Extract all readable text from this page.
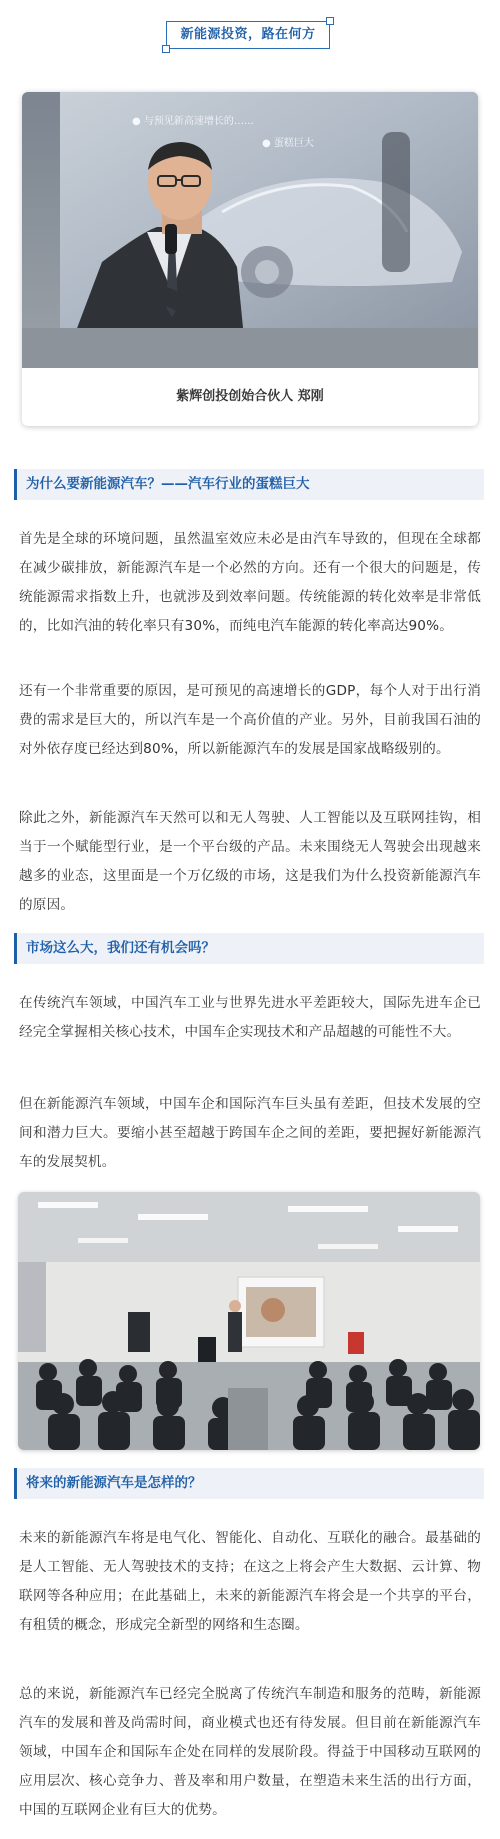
新能源投资，路在何方
● 与预见新高速增长的……
● 蛋糕巨大
紫辉创投创始合伙人 郑刚
为什么要新能源汽车？——汽车行业的蛋糕巨大

首先是全球的环境问题，虽然温室效应未必是由汽车导致的，但现在全球都在减少碳排放，新能源汽车是一个必然的方向。还有一个很大的问题是，传统能源需求指数上升，也就涉及到效率问题。传统能源的转化效率是非常低的，比如汽油的转化率只有30%，而纯电汽车能源的转化率高达90%。

还有一个非常重要的原因，是可预见的高速增长的GDP，每个人对于出行消费的需求是巨大的，所以汽车是一个高价值的产业。另外，目前我国石油的对外依存度已经达到80%，所以新能源汽车的发展是国家战略级别的。

除此之外，新能源汽车天然可以和无人驾驶、人工智能以及互联网挂钩，相当于一个赋能型行业，是一个平台级的产品。未来围绕无人驾驶会出现越来越多的业态，这里面是一个万亿级的市场，这是我们为什么投资新能源汽车的原因。

市场这么大，我们还有机会吗？

在传统汽车领域，中国汽车工业与世界先进水平差距较大，国际先进车企已经完全掌握相关核心技术，中国车企实现技术和产品超越的可能性不大。

但在新能源汽车领域，中国车企和国际汽车巨头虽有差距，但技术发展的空间和潜力巨大。要缩小甚至超越于跨国车企之间的差距，要把握好新能源汽车的发展契机。

将来的新能源汽车是怎样的？

未来的新能源汽车将是电气化、智能化、自动化、互联化的融合。最基础的是人工智能、无人驾驶技术的支持；在这之上将会产生大数据、云计算、物联网等各种应用；在此基础上，未来的新能源汽车将会是一个共享的平台，有租赁的概念，形成完全新型的网络和生态圈。

总的来说，新能源汽车已经完全脱离了传统汽车制造和服务的范畴，新能源汽车的发展和普及尚需时间，商业模式也还有待发展。但目前在新能源汽车领域，中国车企和国际车企处在同样的发展阶段。得益于中国移动互联网的应用层次、核心竞争力、普及率和用户数量，在塑造未来生活的出行方面，中国的互联网企业有巨大的优势。
